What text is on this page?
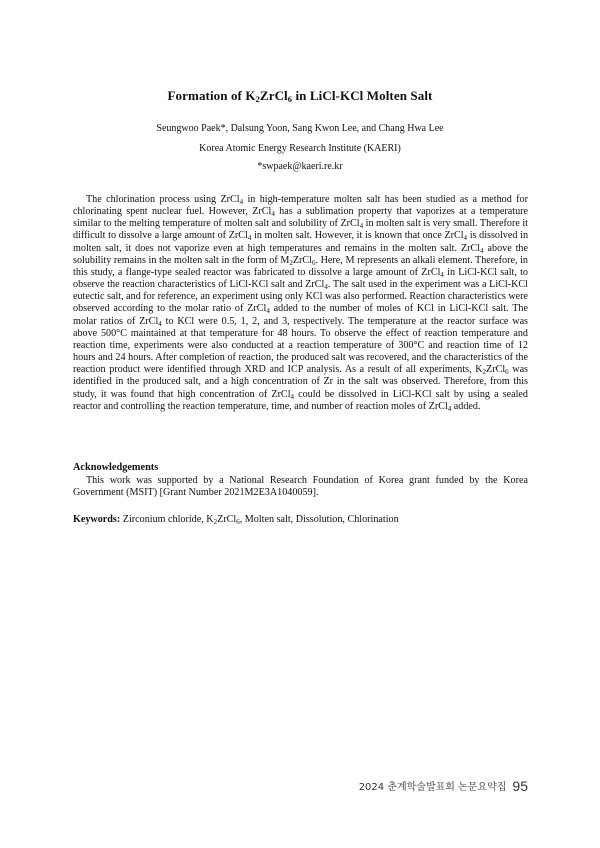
Formation of $K_2ZrCl_6$ in LiCl-KCl Molten Salt
Seungwoo Paek*, Dalsung Yoon, Sang Kwon Lee, and Chang Hwa Lee
Korea Atomic Energy Research Institute (KAERI)
*swpaek@kaeri.re.kr

The chlorination process using ZrCl$_4$ in high-temperature molten salt has been studied as a method for chlorinating spent nuclear fuel. However, ZrCl$_4$ has a sublimation property that vaporizes at a temperature similar to the melting temperature of molten salt and solubility of ZrCl$_4$ in molten salt is very small. Therefore it difficult to dissolve a large amount of ZrCl$_4$ in molten salt. However, it is known that once ZrCl$_4$ is dissolved in molten salt, it does not vaporize even at high temperatures and remains in the molten salt. ZrCl$_4$ above the solubility remains in the molten salt in the form of $M_2ZrCl_6$. Here, M represents an alkali element. Therefore, in this study, a flange-type sealed reactor was fabricated to dissolve a large amount of ZrCl$_4$ in LiCl-KCl salt, to observe the reaction characteristics of LiCl-KCl salt and ZrCl$_4$. The salt used in the experiment was a LiCl-KCl eutectic salt, and for reference, an experiment using only KCl was also performed. Reaction characteristics were observed according to the molar ratio of ZrCl$_4$ added to the number of moles of KCl in LiCl-KCl salt. The molar ratios of ZrCl$_4$ to KCl were 0.5, 1, 2, and 3, respectively. The temperature at the reactor surface was above 500°C maintained at that temperature for 48 hours. To observe the effect of reaction temperature and reaction time, experiments were also conducted at a reaction temperature of 300°C and reaction time of 12 hours and 24 hours. After completion of reaction, the produced salt was recovered, and the characteristics of the reaction product were identified through XRD and ICP analysis. As a result of all experiments, $K_2ZrCl_6$ was identified in the produced salt, and a high concentration of Zr in the salt was observed. Therefore, from this study, it was found that high concentration of ZrCl$_4$ could be dissolved in LiCl-KCl salt by using a sealed reactor and controlling the reaction temperature, time, and number of reaction moles of ZrCl$_4$ added.

Acknowledgements

This work was supported by a National Research Foundation of Korea grant funded by the Korea Government (MSIT) [Grant Number 2021M2E3A1040059].

Keywords: Zirconium chloride, $K_2ZrCl_6$, Molten salt, Dissolution, Chlorination

2024 춘계학술발표회 논문요약집 95
